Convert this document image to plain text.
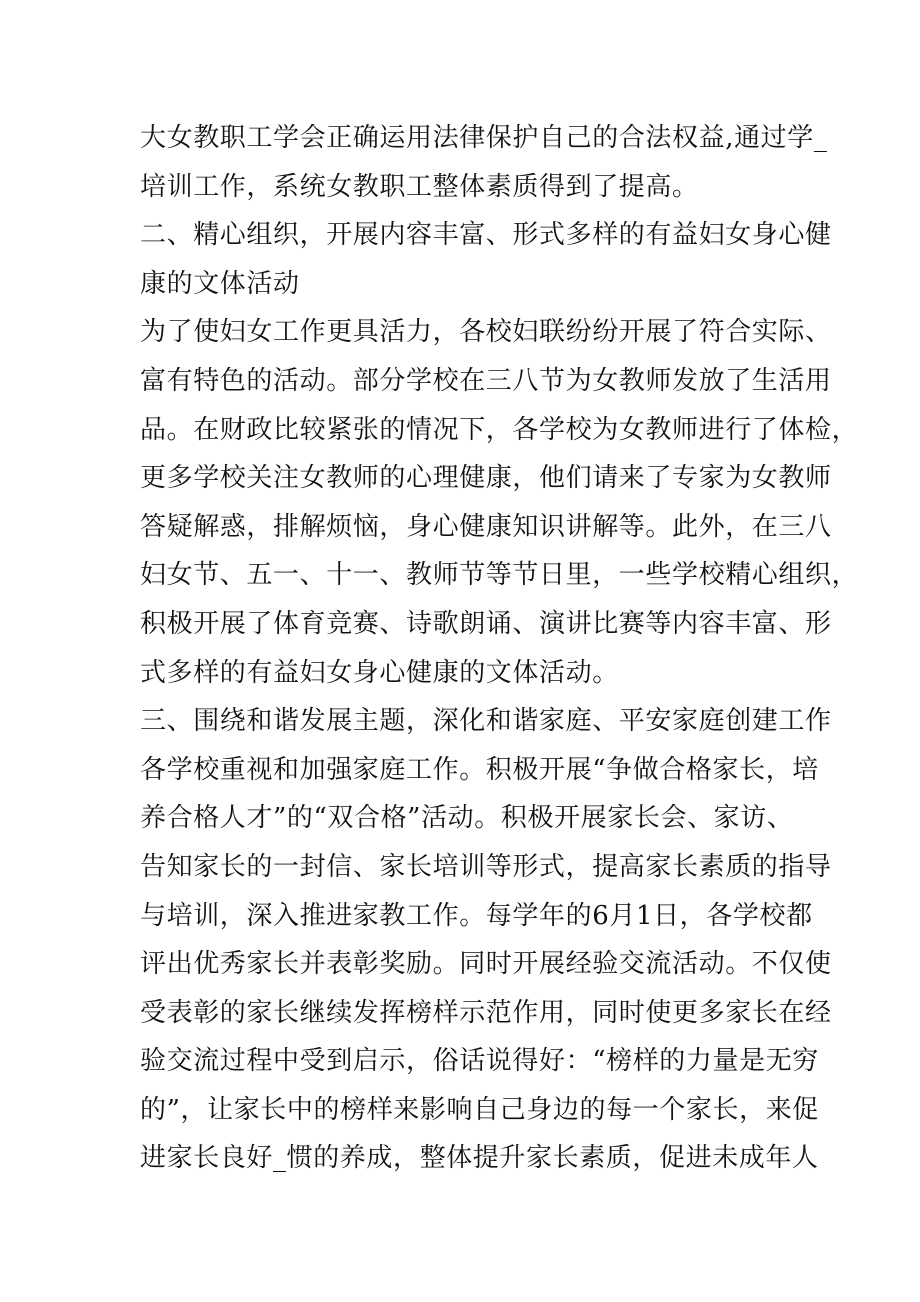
大女教职工学会正确运用法律保护自己的合法权益,通过学_
培训工作，系统女教职工整体素质得到了提高。
二、精心组织，开展内容丰富、形式多样的有益妇女身心健
康的文体活动
为了使妇女工作更具活力，各校妇联纷纷开展了符合实际、
富有特色的活动。部分学校在三八节为女教师发放了生活用
品。在财政比较紧张的情况下，各学校为女教师进行了体检，
更多学校关注女教师的心理健康，他们请来了专家为女教师
答疑解惑，排解烦恼，身心健康知识讲解等。此外，在三八
妇女节、五一、十一、教师节等节日里，一些学校精心组织，
积极开展了体育竞赛、诗歌朗诵、演讲比赛等内容丰富、形
式多样的有益妇女身心健康的文体活动。
三、围绕和谐发展主题，深化和谐家庭、平安家庭创建工作
各学校重视和加强家庭工作。积极开展“争做合格家长，培
养合格人才”的“双合格”活动。积极开展家长会、家访、
告知家长的一封信、家长培训等形式，提高家长素质的指导
与培训，深入推进家教工作。每学年的6月1日，各学校都
评出优秀家长并表彰奖励。同时开展经验交流活动。不仅使
受表彰的家长继续发挥榜样示范作用，同时使更多家长在经
验交流过程中受到启示，俗话说得好：“榜样的力量是无穷
的”，让家长中的榜样来影响自己身边的每一个家长，来促
进家长良好_惯的养成，整体提升家长素质，促进未成年人
